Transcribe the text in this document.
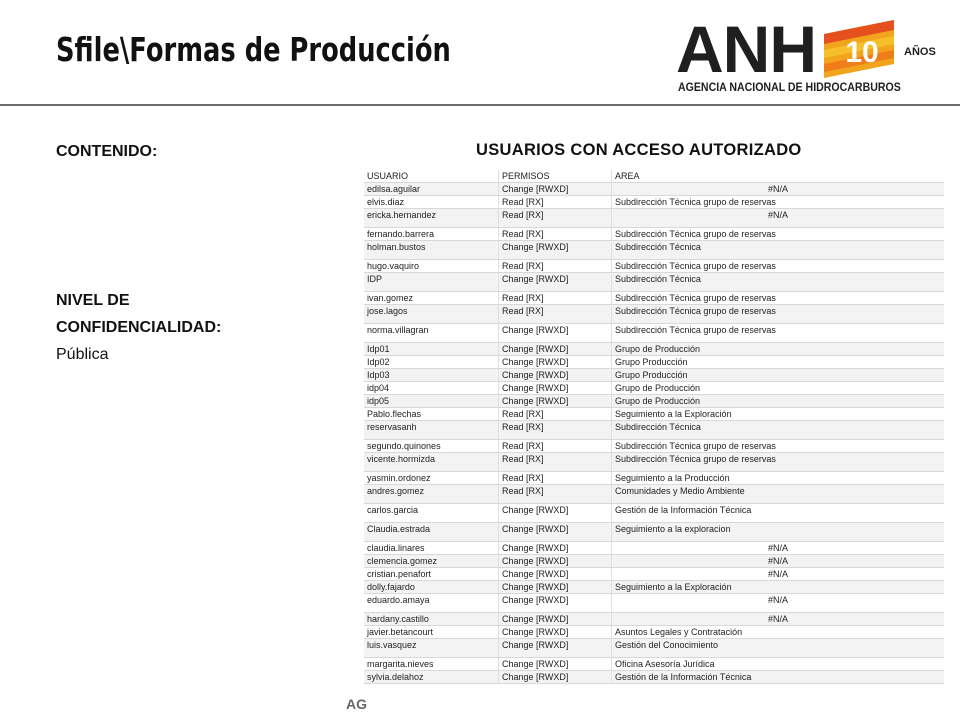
Sfile\Formas de Producción	ANH 10 AÑOS
AGENCIA NACIONAL DE HIDROCARBUROS
CONTENIDO:
NIVEL DE
CONFIDENCIALIDAD:
Pública
USUARIOS CON ACCESO AUTORIZADO
USUARIO	PERMISOS	AREA
edilsa.aguilar	Change [RWXD]	#N/A
elvis.diaz	Read [RX]	Subdirección Técnica grupo de reservas
ericka.hernandez	Read [RX]	#N/A
fernando.barrera	Read [RX]	Subdirección Técnica grupo de reservas
holman.bustos	Change [RWXD]	Subdirección Técnica
hugo.vaquiro	Read [RX]	Subdirección Técnica grupo de reservas
IDP	Change [RWXD]	Subdirección Técnica
ivan.gomez	Read [RX]	Subdirección Técnica grupo de reservas
jose.lagos	Read [RX]	Subdirección Técnica grupo de reservas
norma.villagran	Change [RWXD]	Subdirección Técnica grupo de reservas
Idp01	Change [RWXD]	Grupo de Producción
Idp02	Change [RWXD]	Grupo Producción
Idp03	Change [RWXD]	Grupo Producción
idp04	Change [RWXD]	Grupo de Producción
idp05	Change [RWXD]	Grupo de Producción
Pablo.flechas	Read [RX]	Seguimiento a la Exploración
reservasanh	Read [RX]	Subdirección Técnica
segundo.quinones	Read [RX]	Subdirección Técnica grupo de reservas
vicente.hormizda	Read [RX]	Subdirección Técnica grupo de reservas
yasmin.ordonez	Read [RX]	Seguimiento a la Producción
andres.gomez	Read [RX]	Comunidades y Medio Ambiente
carlos.garcia	Change [RWXD]	Gestión de la Información Técnica
Claudia.estrada	Change [RWXD]	Seguimiento a la exploracion
claudia.linares	Change [RWXD]	#N/A
clemencia.gomez	Change [RWXD]	#N/A
cristian.penafort	Change [RWXD]	#N/A
dolly.fajardo	Change [RWXD]	Seguimiento a la Exploración
eduardo.amaya	Change [RWXD]	#N/A
hardany.castillo	Change [RWXD]	#N/A
javier.betancourt	Change [RWXD]	Asuntos Legales y Contratación
luis.vasquez	Change [RWXD]	Gestión del Conocimiento
margarita.nieves	Change [RWXD]	Oficina Asesoría Jurídica
sylvia.delahoz	Change [RWXD]	Gestión de la Información Técnica
AG
